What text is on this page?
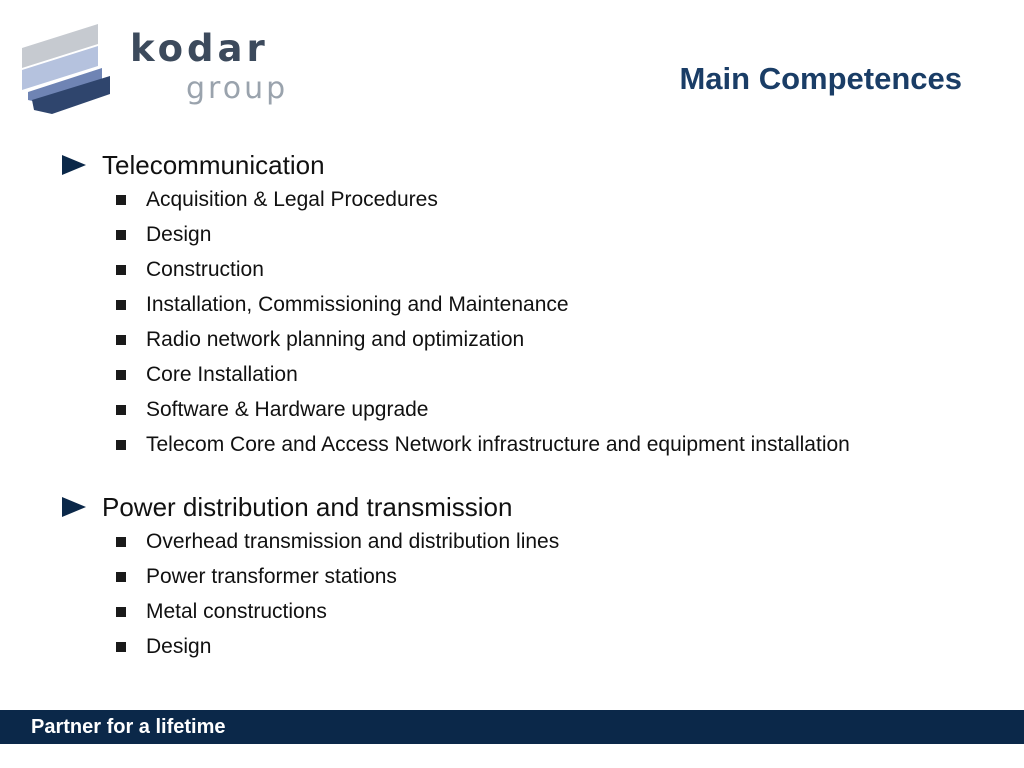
kodar
group	Main Competences
Telecommunication
Acquisition & Legal Procedures
Design
Construction
Installation, Commissioning and Maintenance
Radio network planning and optimization
Core Installation
Software & Hardware upgrade
Telecom Core and Access Network infrastructure and equipment installation
Power distribution and transmission
Overhead transmission and distribution lines
Power transformer stations
Metal constructions
Design
Partner for a lifetime
